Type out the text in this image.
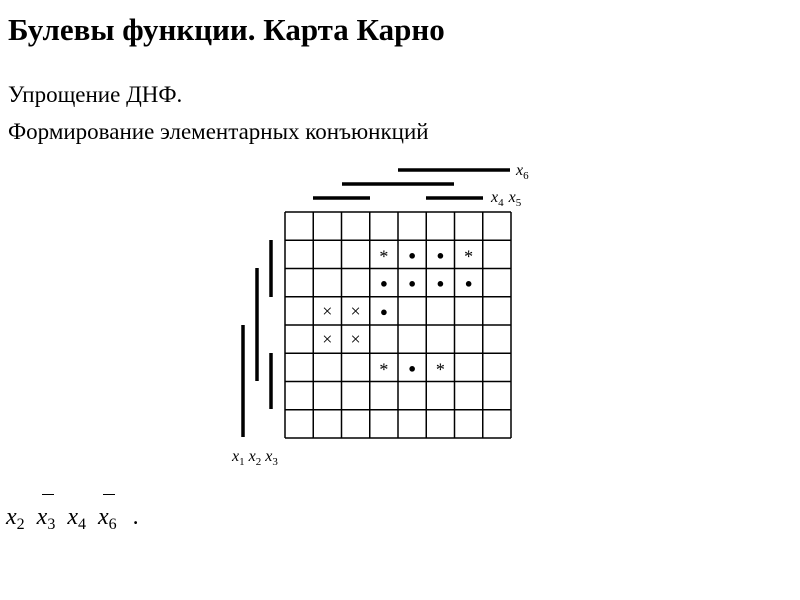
Булевы функции. Карта Карно
Упрощение ДНФ.
Формирование элементарных конъюнкций
* ● ● *
● ● ● ●
× × ●
× ×
* ● *
$x_6$
$x_4$ $x_5$
$x_1$ $x_2$ $x_3$
$x_2$ $x_3$ $x_4$ $x_6$ .
